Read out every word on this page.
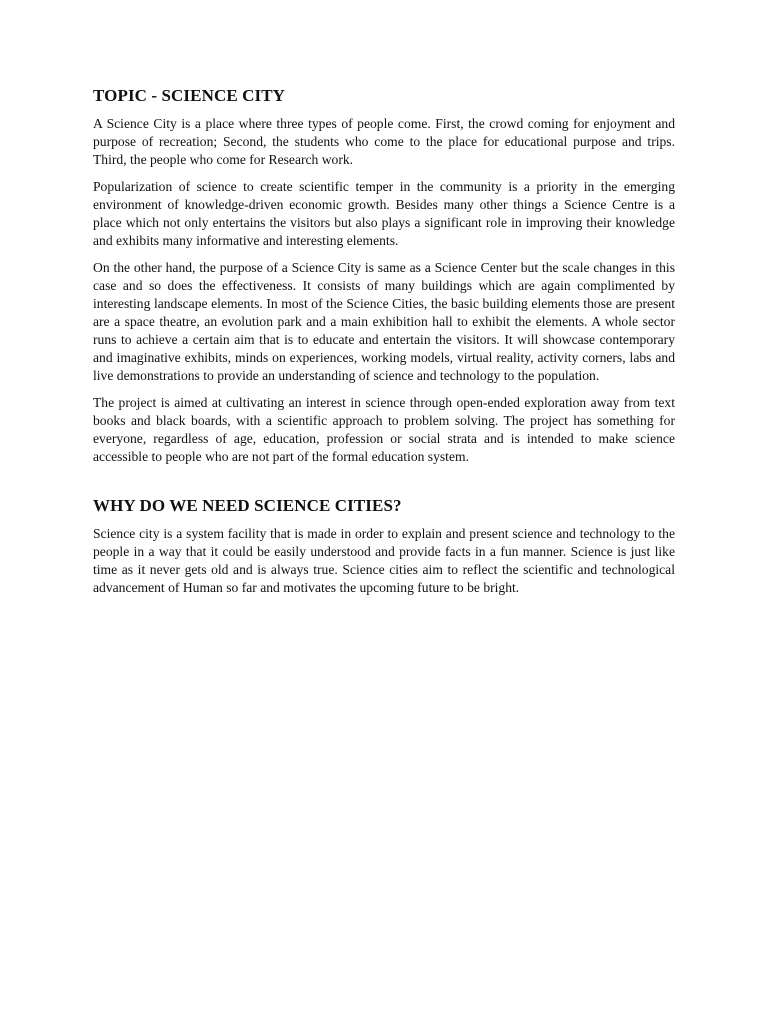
TOPIC - SCIENCE CITY

A Science City is a place where three types of people come. First, the crowd coming for enjoyment and purpose of recreation; Second, the students who come to the place for educational purpose and trips. Third, the people who come for Research work.

Popularization of science to create scientific temper in the community is a priority in the emerging environment of knowledge-driven economic growth. Besides many other things a Science Centre is a place which not only entertains the visitors but also plays a significant role in improving their knowledge and exhibits many informative and interesting elements.

On the other hand, the purpose of a Science City is same as a Science Center but the scale changes in this case and so does the effectiveness. It consists of many buildings which are again complimented by interesting landscape elements. In most of the Science Cities, the basic building elements those are present are a space theatre, an evolution park and a main exhibition hall to exhibit the elements. A whole sector runs to achieve a certain aim that is to educate and entertain the visitors. It will showcase contemporary and imaginative exhibits, minds on experiences, working models, virtual reality, activity corners, labs and live demonstrations to provide an understanding of science and technology to the population.

The project is aimed at cultivating an interest in science through open-ended exploration away from text books and black boards, with a scientific approach to problem solving. The project has something for everyone, regardless of age, education, profession or social strata and is intended to make science accessible to people who are not part of the formal education system.

WHY DO WE NEED SCIENCE CITIES?

Science city is a system facility that is made in order to explain and present science and technology to the people in a way that it could be easily understood and provide facts in a fun manner. Science is just like time as it never gets old and is always true. Science cities aim to reflect the scientific and technological advancement of Human so far and motivates the upcoming future to be bright.
